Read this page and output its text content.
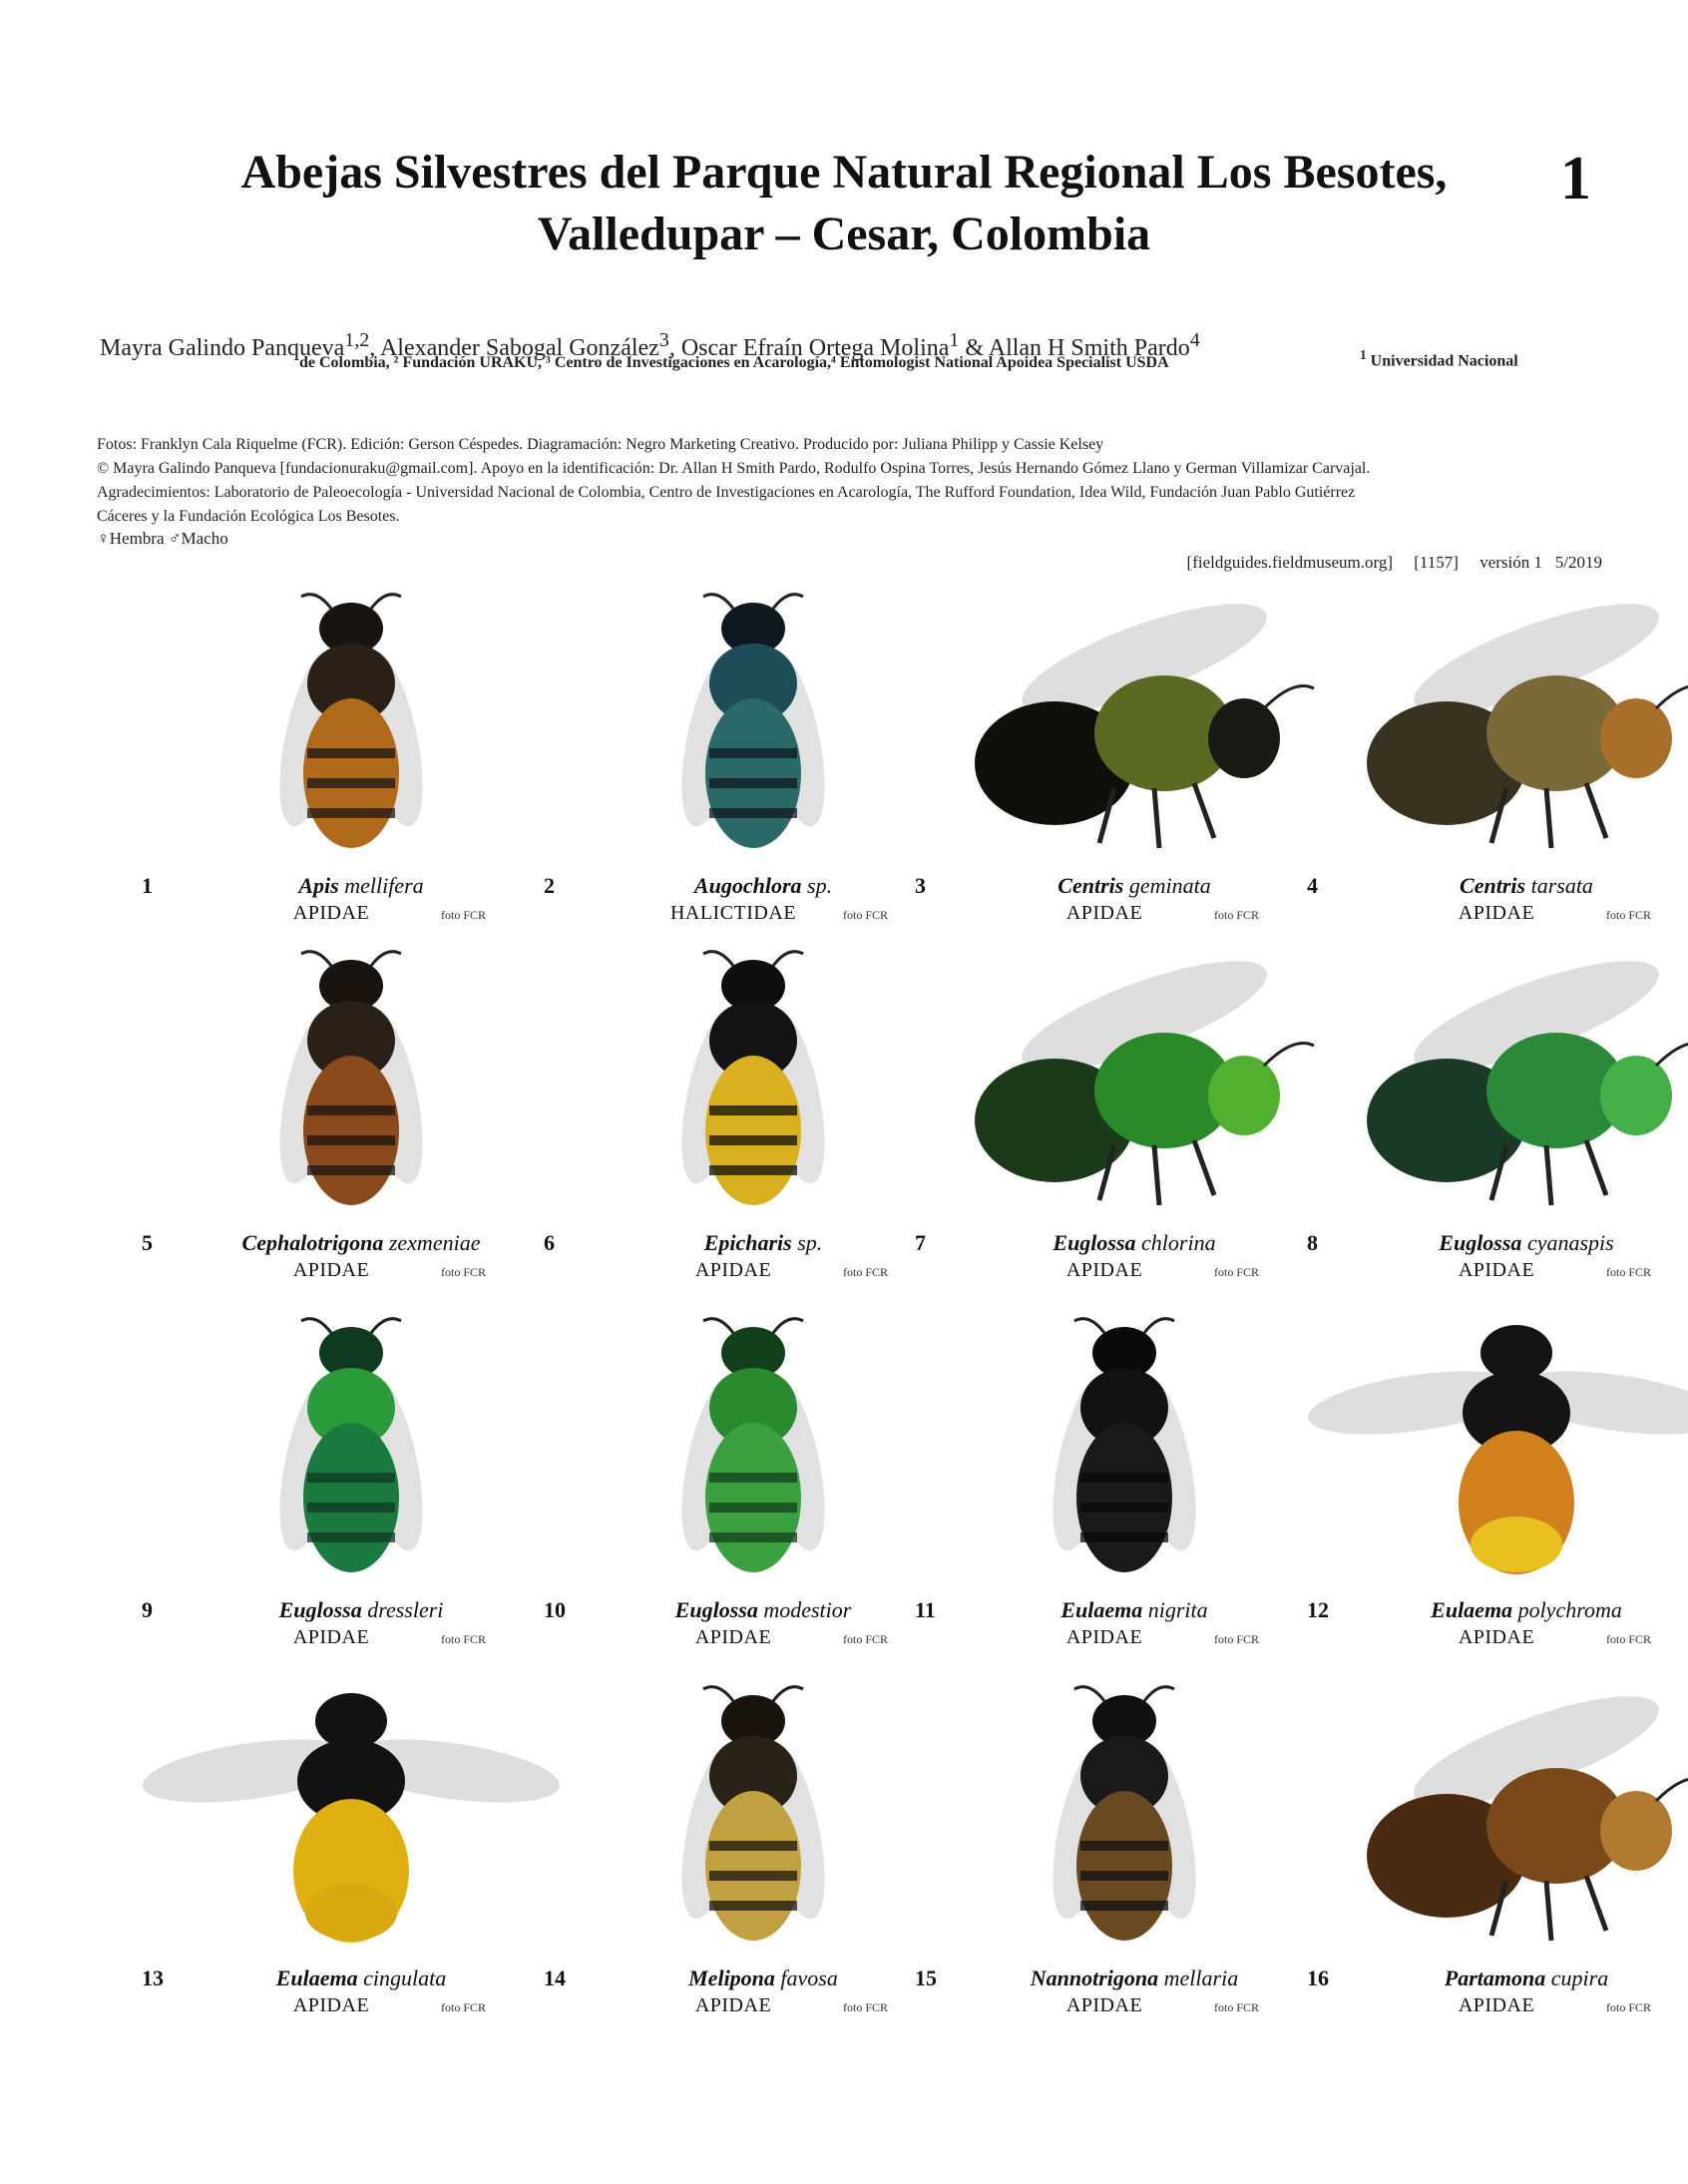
Abejas Silvestres del Parque Natural Regional Los Besotes,
Valledupar – Cesar, Colombia
1
Mayra Galindo Panqueva$^{1,2}$, Alexander Sabogal González$^3$, Oscar Efraín Ortega Molina$^1$ & Allan H Smith Pardo$^4$
$^1$ Universidad Nacional
de Colombia, ² Fundación URAKU, ³ Centro de Investigaciones en Acarología,⁴ Entomologist National Apoidea Specialist USDA
Fotos: Franklyn Cala Riquelme (FCR). Edición: Gerson Céspedes. Diagramación: Negro Marketing Creativo. Producido por: Juliana Philipp y Cassie Kelsey
© Mayra Galindo Panqueva [fundacionuraku@gmail.com]. Apoyo en la identificación: Dr. Allan H Smith Pardo, Rodulfo Ospina Torres, Jesús Hernando Gómez Llano y German Villamizar Carvajal.
Agradecimientos: Laboratorio de Paleoecología - Universidad Nacional de Colombia, Centro de Investigaciones en Acarología, The Rufford Foundation, Idea Wild, Fundación Juan Pablo Gutiérrez
Cáceres y la Fundación Ecológica Los Besotes.
♀Hembra ♂Macho
[fieldguides.fieldmuseum.org] [1157] versión 1 5/2019
1	Apis mellifera
APIDAE	foto FCR
2	Augochlora sp.
HALICTIDAE	foto FCR
3	Centris geminata
APIDAE	foto FCR
4	Centris tarsata
APIDAE	foto FCR
5	Cephalotrigona zexmeniae
APIDAE	foto FCR
6	Epicharis sp.
APIDAE	foto FCR
7	Euglossa chlorina
APIDAE	foto FCR
8	Euglossa cyanaspis
APIDAE	foto FCR
9	Euglossa dressleri
APIDAE	foto FCR
10	Euglossa modestior
APIDAE	foto FCR
11	Eulaema nigrita
APIDAE	foto FCR
12	Eulaema polychroma
APIDAE	foto FCR
13	Eulaema cingulata
APIDAE	foto FCR
14	Melipona favosa
APIDAE	foto FCR
15	Nannotrigona mellaria
APIDAE	foto FCR
16	Partamona cupira
APIDAE	foto FCR
